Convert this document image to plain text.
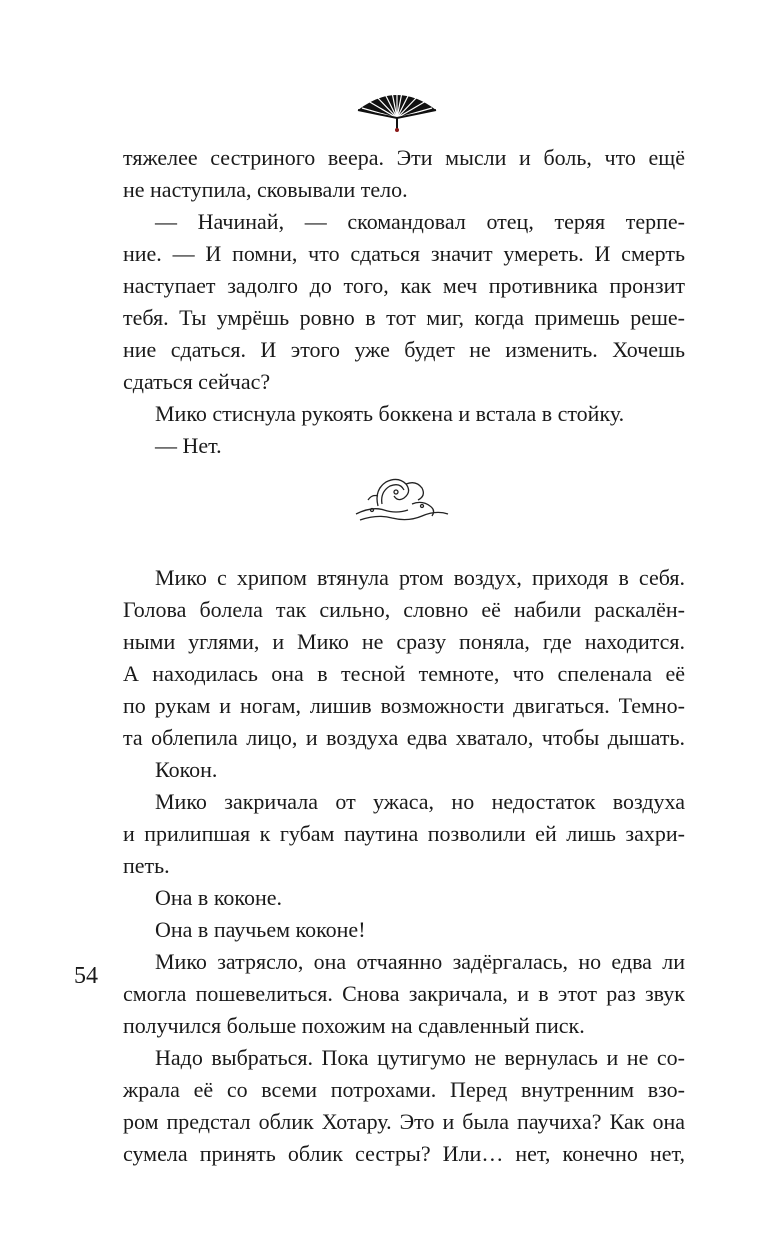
тяжелее сестриного веера. Эти мысли и боль, что ещё
не наступила, сковывали тело.
— Начинай, — скомандовал отец, теряя терпе-
ние. — И помни, что сдаться значит умереть. И смерть
наступает задолго до того, как меч противника пронзит
тебя. Ты умрёшь ровно в тот миг, когда примешь реше-
ние сдаться. И этого уже будет не изменить. Хочешь
сдаться сейчас?
Мико стиснула рукоять боккена и встала в стойку.
— Нет.
Мико с хрипом втянула ртом воздух, приходя в себя.
Голова болела так сильно, словно её набили раскалён-
ными углями, и Мико не сразу поняла, где находится.
А находилась она в тесной темноте, что спеленала её
по рукам и ногам, лишив возможности двигаться. Темно-
та облепила лицо, и воздуха едва хватало, чтобы дышать.
Кокон.
Мико закричала от ужаса, но недостаток воздуха
и прилипшая к губам паутина позволили ей лишь захри-
петь.
Она в коконе.
Она в паучьем коконе!
Мико затрясло, она отчаянно задёргалась, но едва ли
смогла пошевелиться. Снова закричала, и в этот раз звук
получился больше похожим на сдавленный писк.
Надо выбраться. Пока цутигумо не вернулась и не со-
жрала её со всеми потрохами. Перед внутренним взо-
ром предстал облик Хотару. Это и была паучиха? Как она
сумела принять облик сестры? Или… нет, конечно нет,
54
